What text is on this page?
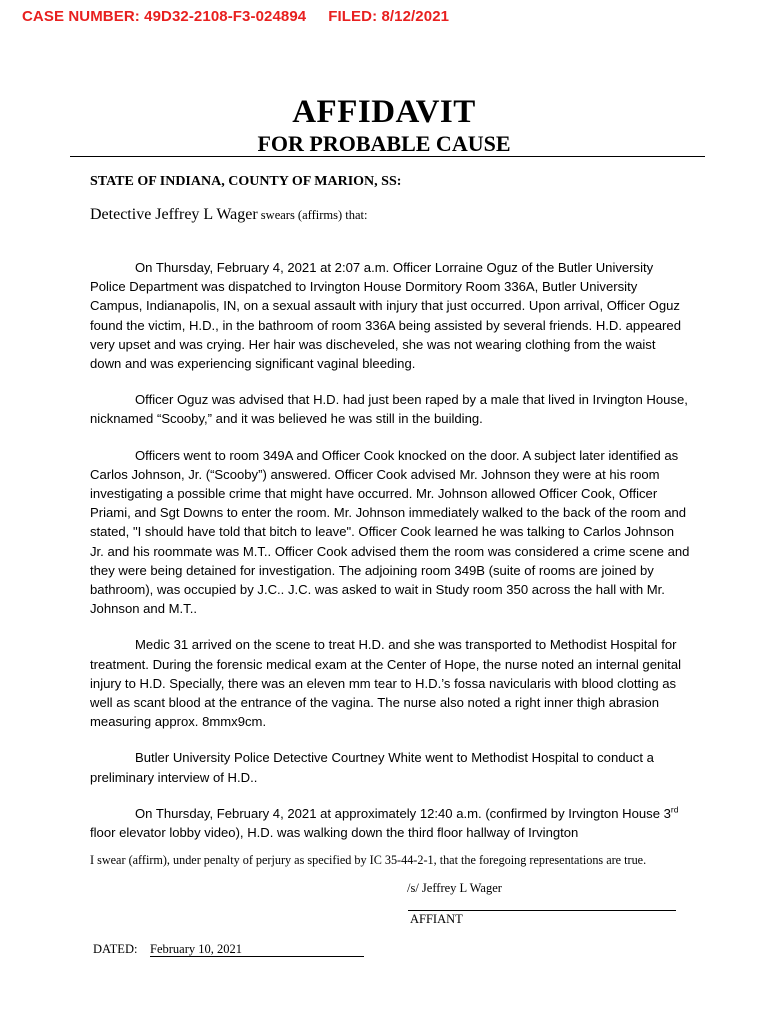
CASE NUMBER: 49D32-2108-F3-024894 FILED: 8/12/2021
AFFIDAVIT
FOR PROBABLE CAUSE
STATE OF INDIANA, COUNTY OF MARION, SS:
Detective Jeffrey L Wager swears (affirms) that:

On Thursday, February 4, 2021 at 2:07 a.m. Officer Lorraine Oguz of the Butler University Police Department was dispatched to Irvington House Dormitory Room 336A, Butler University Campus, Indianapolis, IN, on a sexual assault with injury that just occurred. Upon arrival, Officer Oguz found the victim, H.D., in the bathroom of room 336A being assisted by several friends. H.D. appeared very upset and was crying. Her hair was discheveled, she was not wearing clothing from the waist down and was experiencing significant vaginal bleeding.

Officer Oguz was advised that H.D. had just been raped by a male that lived in Irvington House, nicknamed “Scooby,” and it was believed he was still in the building.

Officers went to room 349A and Officer Cook knocked on the door. A subject later identified as Carlos Johnson, Jr. (“Scooby”) answered. Officer Cook advised Mr. Johnson they were at his room investigating a possible crime that might have occurred. Mr. Johnson allowed Officer Cook, Officer Priami, and Sgt Downs to enter the room. Mr. Johnson immediately walked to the back of the room and stated, "I should have told that bitch to leave". Officer Cook learned he was talking to Carlos Johnson Jr. and his roommate was M.T.. Officer Cook advised them the room was considered a crime scene and they were being detained for investigation. The adjoining room 349B (suite of rooms are joined by bathroom), was occupied by J.C.. J.C. was asked to wait in Study room 350 across the hall with Mr. Johnson and M.T..

Medic 31 arrived on the scene to treat H.D. and she was transported to Methodist Hospital for treatment. During the forensic medical exam at the Center of Hope, the nurse noted an internal genital injury to H.D. Specially, there was an eleven mm tear to H.D.’s fossa navicularis with blood clotting as well as scant blood at the entrance of the vagina. The nurse also noted a right inner thigh abrasion measuring approx. 8mmx9cm.

Butler University Police Detective Courtney White went to Methodist Hospital to conduct a preliminary interview of H.D..

On Thursday, February 4, 2021 at approximately 12:40 a.m. (confirmed by Irvington House 3rd floor elevator lobby video), H.D. was walking down the third floor hallway of Irvington

I swear (affirm), under penalty of perjury as specified by IC 35-44-2-1, that the foregoing representations are true.
/s/ Jeffrey L Wager
AFFIANT
DATED: February 10, 2021
